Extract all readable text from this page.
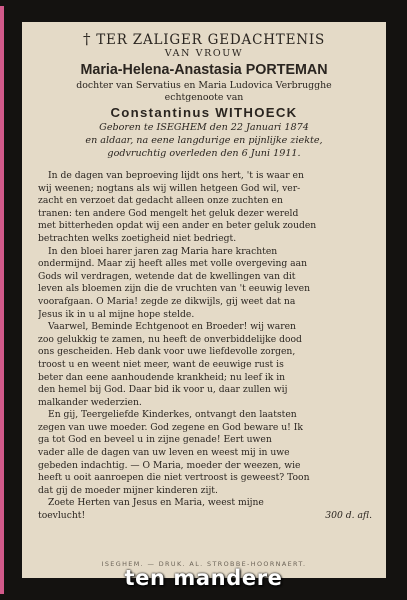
† TER ZALIGER GEDACHTENIS
VAN VROUW
Maria-Helena-Anastasia PORTEMAN
dochter van Servatius en Maria Ludovica Verbrugghe
echtgenoote van
Constantinus WITHOECK
Geboren te ISEGHEM den 22 Januari 1874
en aldaar, na eene langdurige en pijnlijke ziekte,
godvruchtig overleden den 6 Juni 1911.
In de dagen van beproeving lijdt ons hert, 't is waar en
wij weenen; nogtans als wij willen hetgeen God wil, ver-
zacht en verzoet dat gedacht alleen onze zuchten en
tranen: ten andere God mengelt het geluk dezer wereld
met bitterheden opdat wij een ander en beter geluk zouden
betrachten welks zoetigheid niet bedriegt.
In den bloei harer jaren zag Maria hare krachten
ondermijnd. Maar zij heeft alles met volle overgeving aan
Gods wil verdragen, wetende dat de kwellingen van dit
leven als bloemen zijn die de vruchten van 't eeuwig leven
voorafgaan. O Maria! zegde ze dikwijls, gij weet dat na
Jesus ik in u al mijne hope stelde.
Vaarwel, Beminde Echtgenoot en Broeder! wij waren
zoo gelukkig te zamen, nu heeft de onverbiddelijke dood
ons gescheiden. Heb dank voor uwe liefdevolle zorgen,
troost u en weent niet meer, want de eeuwige rust is
beter dan eene aanhoudende krankheid; nu leef ik in
den hemel bij God. Daar bid ik voor u, daar zullen wij
malkander wederzien.
En gij, Teergeliefde Kinderkes, ontvangt den laatsten
zegen van uwe moeder. God zegene en God beware u! Ik
ga tot God en beveel u in zijne genade! Eert uwen
vader alle de dagen van uw leven en weest mij in uwe
gebeden indachtig. — O Maria, moeder der weezen, wie
heeft u ooit aanroepen die niet vertroost is geweest? Toon
dat gij de moeder mijner kinderen zijt.
Zoete Herten van Jesus en Maria, weest mijne
toevlucht!	300 d. afl.
ISEGHEM. — DRUK. AL. STROBBE-HOORNAERT.
ten mandere
